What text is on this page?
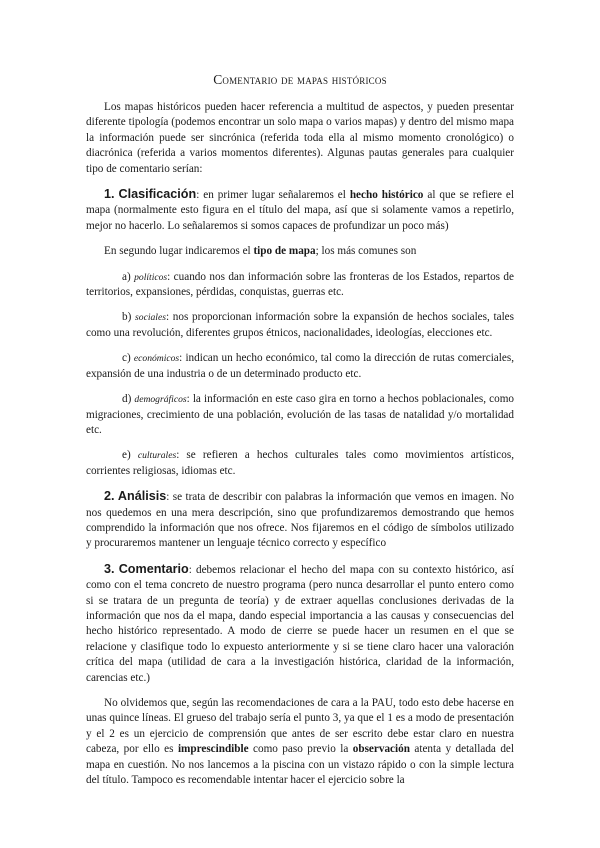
Comentario de mapas históricos

Los mapas históricos pueden hacer referencia a multitud de aspectos, y pueden presentar diferente tipología (podemos encontrar un solo mapa o varios mapas) y dentro del mismo mapa la información puede ser sincrónica (referida toda ella al mismo momento cronológico) o diacrónica (referida a varios momentos diferentes). Algunas pautas generales para cualquier tipo de comentario serían:

1. Clasificación: en primer lugar señalaremos el hecho histórico al que se refiere el mapa (normalmente esto figura en el título del mapa, así que si solamente vamos a repetirlo, mejor no hacerlo. Lo señalaremos si somos capaces de profundizar un poco más)

En segundo lugar indicaremos el tipo de mapa; los más comunes son

a) políticos: cuando nos dan información sobre las fronteras de los Estados, repartos de territorios, expansiones, pérdidas, conquistas, guerras etc.

b) sociales: nos proporcionan información sobre la expansión de hechos sociales, tales como una revolución, diferentes grupos étnicos, nacionalidades, ideologías, elecciones etc.

c) económicos: indican un hecho económico, tal como la dirección de rutas comerciales, expansión de una industria o de un determinado producto etc.

d) demográficos: la información en este caso gira en torno a hechos poblacionales, como migraciones, crecimiento de una población, evolución de las tasas de natalidad y/o mortalidad etc.

e) culturales: se refieren a hechos culturales tales como movimientos artísticos, corrientes religiosas, idiomas etc.

2. Análisis: se trata de describir con palabras la información que vemos en imagen. No nos quedemos en una mera descripción, sino que profundizaremos demostrando que hemos comprendido la información que nos ofrece. Nos fijaremos en el código de símbolos utilizado y procuraremos mantener un lenguaje técnico correcto y específico

3. Comentario: debemos relacionar el hecho del mapa con su contexto histórico, así como con el tema concreto de nuestro programa (pero nunca desarrollar el punto entero como si se tratara de un pregunta de teoría) y de extraer aquellas conclusiones derivadas de la información que nos da el mapa, dando especial importancia a las causas y consecuencias del hecho histórico representado. A modo de cierre se puede hacer un resumen en el que se relacione y clasifique todo lo expuesto anteriormente y si se tiene claro hacer una valoración crítica del mapa (utilidad de cara a la investigación histórica, claridad de la información, carencias etc.)

No olvidemos que, según las recomendaciones de cara a la PAU, todo esto debe hacerse en unas quince líneas. El grueso del trabajo sería el punto 3, ya que el 1 es a modo de presentación y el 2 es un ejercicio de comprensión que antes de ser escrito debe estar claro en nuestra cabeza, por ello es imprescindible como paso previo la observación atenta y detallada del mapa en cuestión. No nos lancemos a la piscina con un vistazo rápido o con la simple lectura del título. Tampoco es recomendable intentar hacer el ejercicio sobre la
